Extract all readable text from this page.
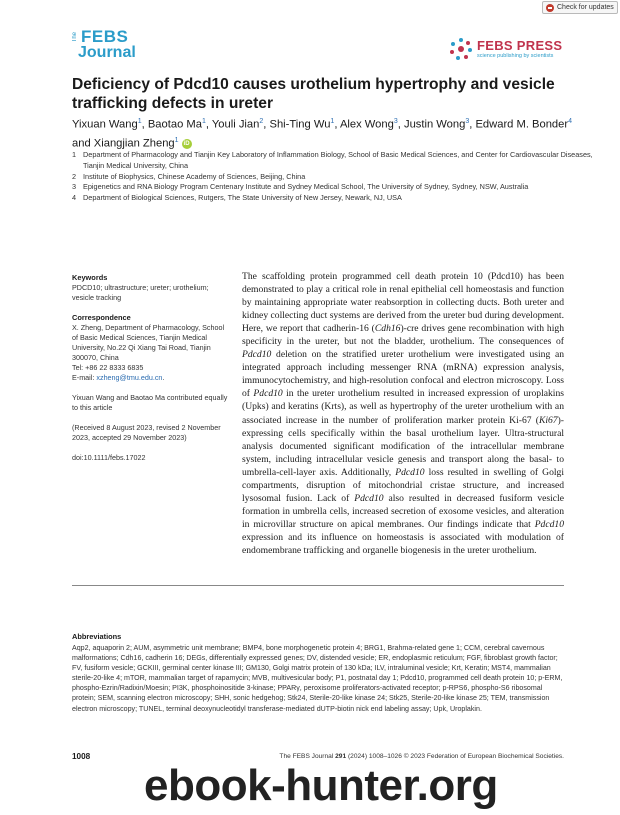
Check for updates
The FEBS
Journal	FEBS PRESS
science publishing by scientists
Deficiency of Pdcd10 causes urothelium hypertrophy and vesicle trafficking defects in ureter

Yixuan Wang$^1$, Baotao Ma$^1$, Youli Jian$^2$, Shi-Ting Wu$^1$, Alex Wong$^3$, Justin Wong$^3$, Edward M. Bonder$^4$ and Xiangjian Zheng$^1$ iD

1 Department of Pharmacology and Tianjin Key Laboratory of Inflammation Biology, School of Basic Medical Sciences, and Center for Cardiovascular Diseases, Tianjin Medical University, China
2 Institute of Biophysics, Chinese Academy of Sciences, Beijing, China
3 Epigenetics and RNA Biology Program Centenary Institute and Sydney Medical School, The University of Sydney, Sydney, NSW, Australia
4 Department of Biological Sciences, Rutgers, The State University of New Jersey, Newark, NJ, USA

Keywords

PDCD10; ultrastructure; ureter; urothelium; vesicle tracking

Correspondence

X. Zheng, Department of Pharmacology, School of Basic Medical Sciences, Tianjin Medical University, No.22 Qi Xiang Tai Road, Tianjin 300070, China

Tel: +86 22 8333 6835

E-mail: xzheng@tmu.edu.cn.

Yixuan Wang and Baotao Ma contributed equally to this article

(Received 8 August 2023, revised 2 November 2023, accepted 29 November 2023)

doi:10.1111/febs.17022

The scaffolding protein programmed cell death protein 10 (Pdcd10) has been demonstrated to play a critical role in renal epithelial cell homeostasis and function by maintaining appropriate water reabsorption in collecting ducts. Both ureter and kidney collecting duct systems are derived from the ureter bud during development. Here, we report that cadherin-16 (Cdh16)-cre drives gene recombination with high specificity in the ureter, but not the bladder, urothelium. The consequences of Pdcd10 deletion on the stratified ureter urothelium were investigated using an integrated approach including messenger RNA (mRNA) expression analysis, immunocytochemistry, and high-resolution confocal and electron microscopy. Loss of Pdcd10 in the ureter urothelium resulted in increased expression of uroplakins (Upks) and keratins (Krts), as well as hypertrophy of the ureter urothelium with an associated increase in the number of proliferation marker protein Ki-67 (Ki67)-expressing cells specifically within the basal urothelium layer. Ultra-structural analysis documented significant modification of the intracellular membrane system, including intracellular vesicle genesis and transport along the basal- to umbrella-cell-layer axis. Additionally, Pdcd10 loss resulted in swelling of Golgi compartments, disruption of mitochondrial cristae structure, and increased lysosomal fusion. Lack of Pdcd10 also resulted in decreased fusiform vesicle formation in umbrella cells, increased secretion of exosome vesicles, and alteration in microvillar structure on apical membranes. Our findings indicate that Pdcd10 expression and its influence on homeostasis is associated with modulation of endomembrane trafficking and organelle biogenesis in the ureter urothelium.

Abbreviations

Aqp2, aquaporin 2; AUM, asymmetric unit membrane; BMP4, bone morphogenetic protein 4; BRG1, Brahma-related gene 1; CCM, cerebral cavernous malformations; Cdh16, cadherin 16; DEGs, differentially expressed genes; DV, distended vesicle; ER, endoplasmic reticulum; FGF, fibroblast growth factor; FV, fusiform vesicle; GCKIII, germinal center kinase III; GM130, Golgi matrix protein of 130 kDa; ILV, intraluminal vesicle; Krt, Keratin; MST4, mammalian sterile-20-like 4; mTOR, mammalian target of rapamycin; MVB, multivesicular body; P1, postnatal day 1; Pdcd10, programmed cell death protein 10; p-ERM, phospho-Ezrin/Radixin/Moesin; PI3K, phosphoinositide 3-kinase; PPARγ, peroxisome proliferators-activated receptor; p-RPS6, phospho-S6 ribosomal protein; SEM, scanning electron microscopy; SHH, sonic hedgehog; Stk24, Sterile-20-like kinase 24; Stk25, Sterile-20-like kinase 25; TEM, transmission electron microscopy; TUNEL, terminal deoxynucleotidyl transferase-mediated dUTP-biotin nick end labeling assay; Upk, Uroplakin.

1008	The FEBS Journal 291 (2024) 1008–1026 © 2023 Federation of European Biochemical Societies.
ebook-hunter.org
